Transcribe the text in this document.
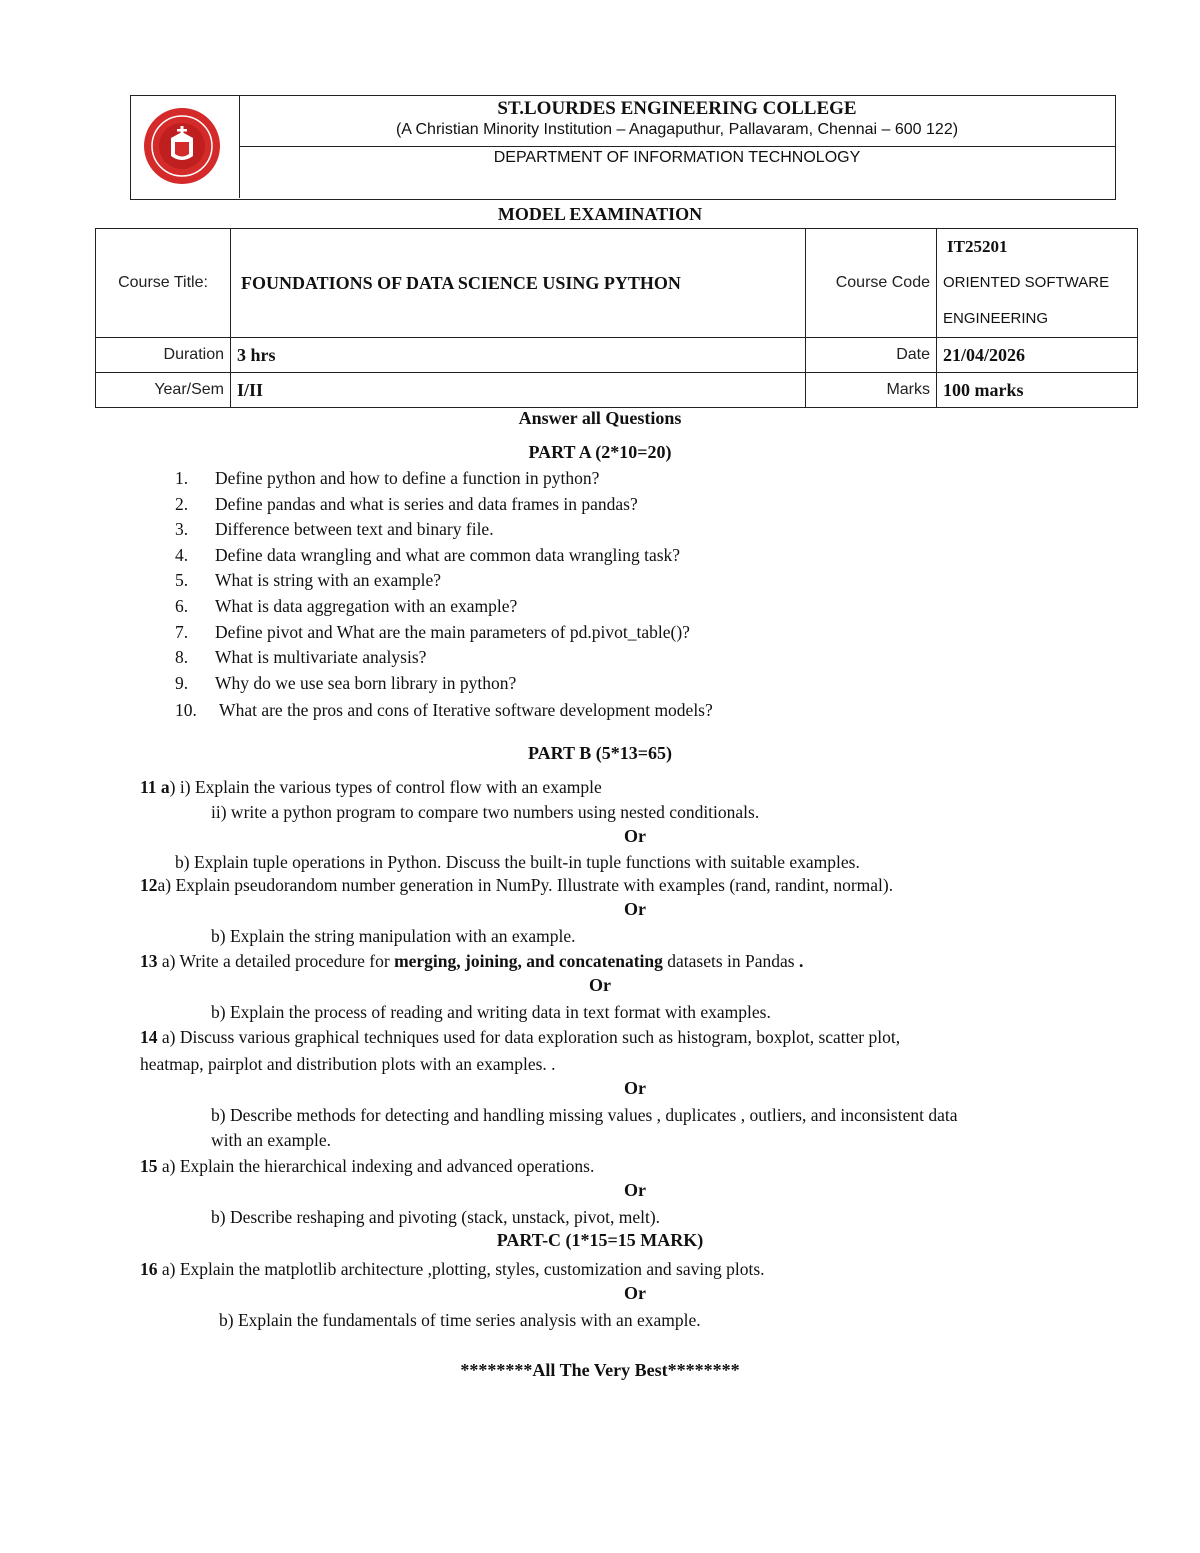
ST.LOURDES ENGINEERING COLLEGE
(A Christian Minority Institution – Anagaputhur, Pallavaram, Chennai – 600 122)
DEPARTMENT OF INFORMATION TECHNOLOGY
MODEL EXAMINATION
Course Title:	FOUNDATIONS OF DATA SCIENCE USING PYTHON	Course Code	IT25201
ORIENTED SOFTWARE
ENGINEERING

Duration	3 hrs	Date	21/04/2026
Year/Sem	I/II	Marks	100 marks
Answer all Questions
PART A (2*10=20)
1. Define python and how to define a function in python?
2. Define pandas and what is series and data frames in pandas?
3. Difference between text and binary file.
4. Define data wrangling and what are common data wrangling task?
5. What is string with an example?
6. What is data aggregation with an example?
7. Define pivot and What are the main parameters of pd.pivot_table()?
8. What is multivariate analysis?
9. Why do we use sea born library in python?
10. What are the pros and cons of Iterative software development models?
PART B (5*13=65)
11 a) i) Explain the various types of control flow with an example
ii) write a python program to compare two numbers using nested conditionals.
Or
b) Explain tuple operations in Python. Discuss the built-in tuple functions with suitable examples.
12a) Explain pseudorandom number generation in NumPy. Illustrate with examples (rand, randint, normal).
Or
b) Explain the string manipulation with an example.
13 a) Write a detailed procedure for merging, joining, and concatenating datasets in Pandas .
Or
b) Explain the process of reading and writing data in text format with examples.
14 a) Discuss various graphical techniques used for data exploration such as histogram, boxplot, scatter plot,
heatmap, pairplot and distribution plots with an examples. .
Or
b) Describe methods for detecting and handling missing values , duplicates , outliers, and inconsistent data
with an example.
15 a) Explain the hierarchical indexing and advanced operations.
Or
b) Describe reshaping and pivoting (stack, unstack, pivot, melt).
PART-C (1*15=15 MARK)
16 a) Explain the matplotlib architecture ,plotting, styles, customization and saving plots.
Or
b) Explain the fundamentals of time series analysis with an example.
********All The Very Best********
